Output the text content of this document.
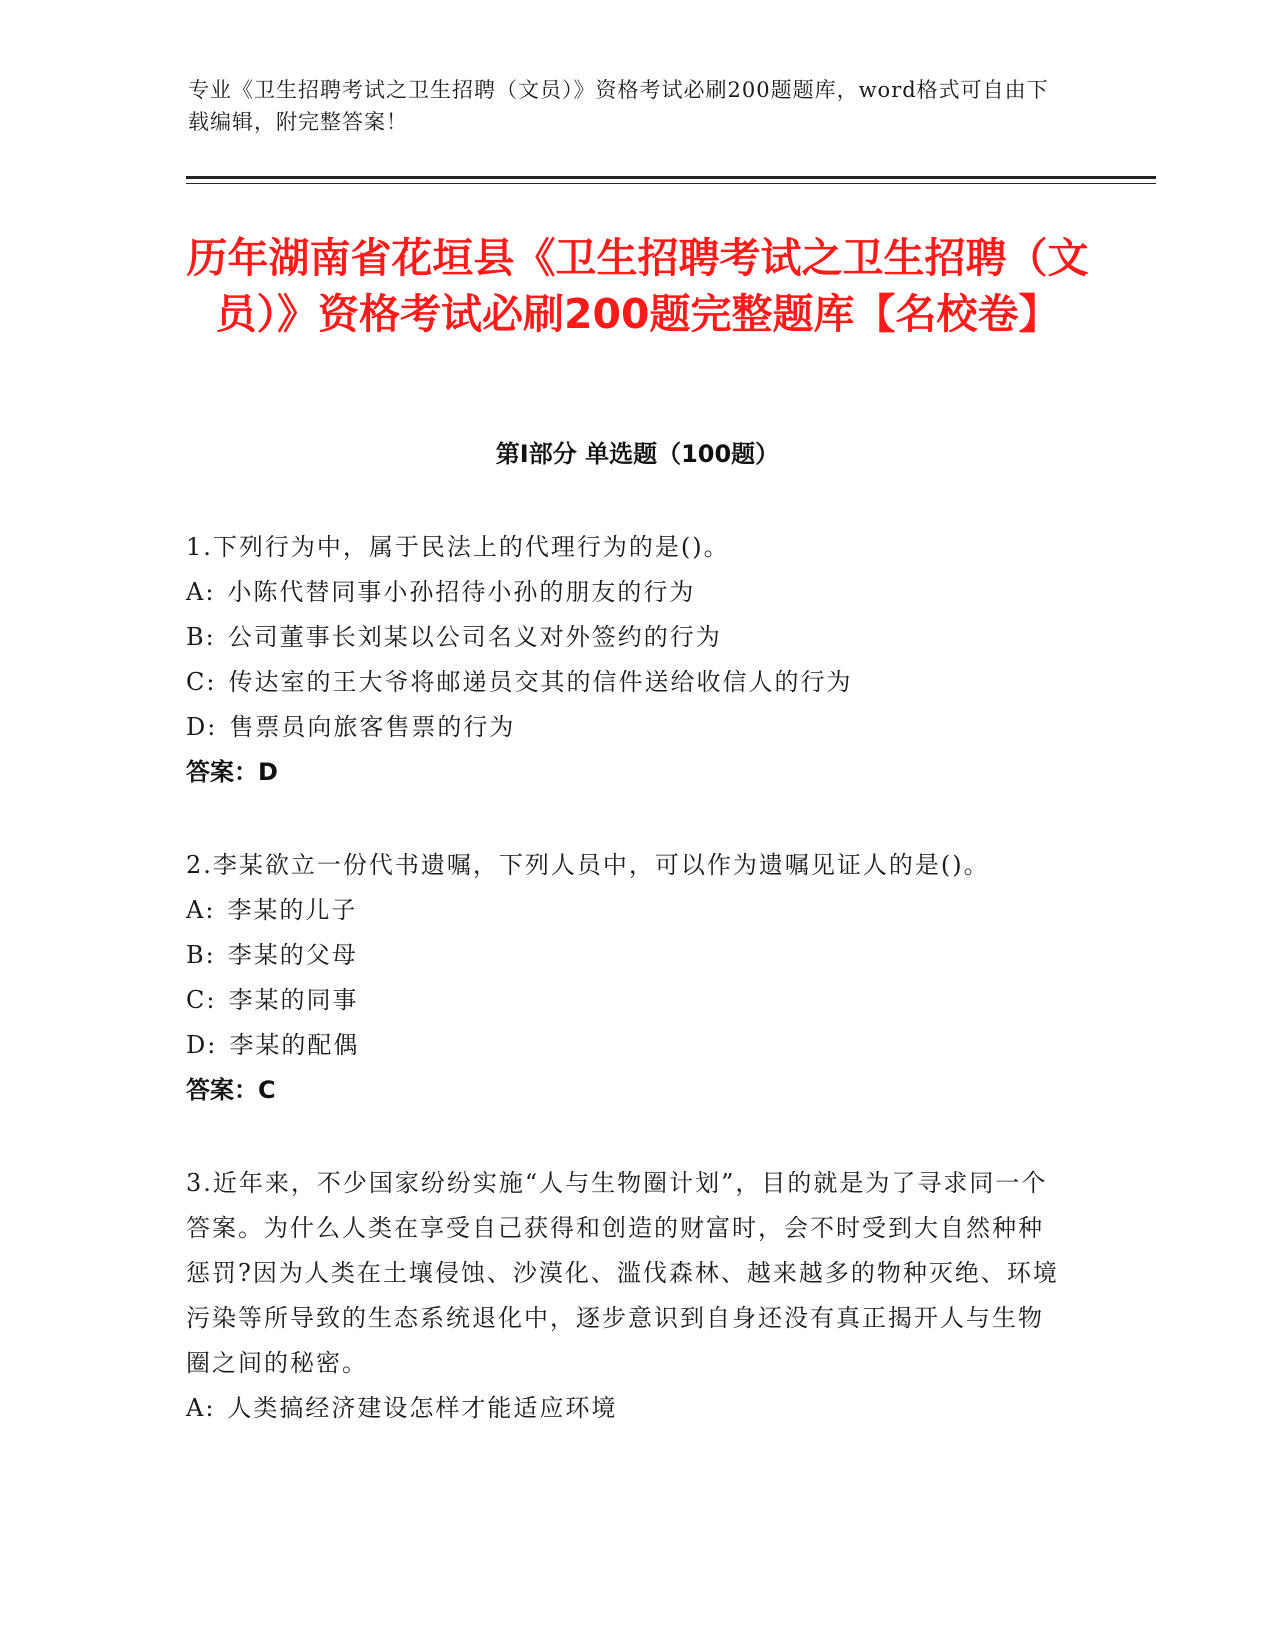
专业《卫生招聘考试之卫生招聘（文员）》资格考试必刷200题题库，word格式可自由下载编辑，附完整答案！
历年湖南省花垣县《卫生招聘考试之卫生招聘（文员）》资格考试必刷200题完整题库【名校卷】
第Ⅰ部分 单选题（100题）

1.下列行为中，属于民法上的代理行为的是()。

A: 小陈代替同事小孙招待小孙的朋友的行为

B: 公司董事长刘某以公司名义对外签约的行为

C: 传达室的王大爷将邮递员交其的信件送给收信人的行为

D: 售票员向旅客售票的行为

答案：D

2.李某欲立一份代书遗嘱，下列人员中，可以作为遗嘱见证人的是()。

A: 李某的儿子

B: 李某的父母

C: 李某的同事

D: 李某的配偶

答案：C

3.近年来，不少国家纷纷实施“人与生物圈计划”，目的就是为了寻求同一个答案。为什么人类在享受自己获得和创造的财富时，会不时受到大自然种种惩罚?因为人类在土壤侵蚀、沙漠化、滥伐森林、越来越多的物种灭绝、环境污染等所导致的生态系统退化中，逐步意识到自身还没有真正揭开人与生物圈之间的秘密。

A: 人类搞经济建设怎样才能适应环境
